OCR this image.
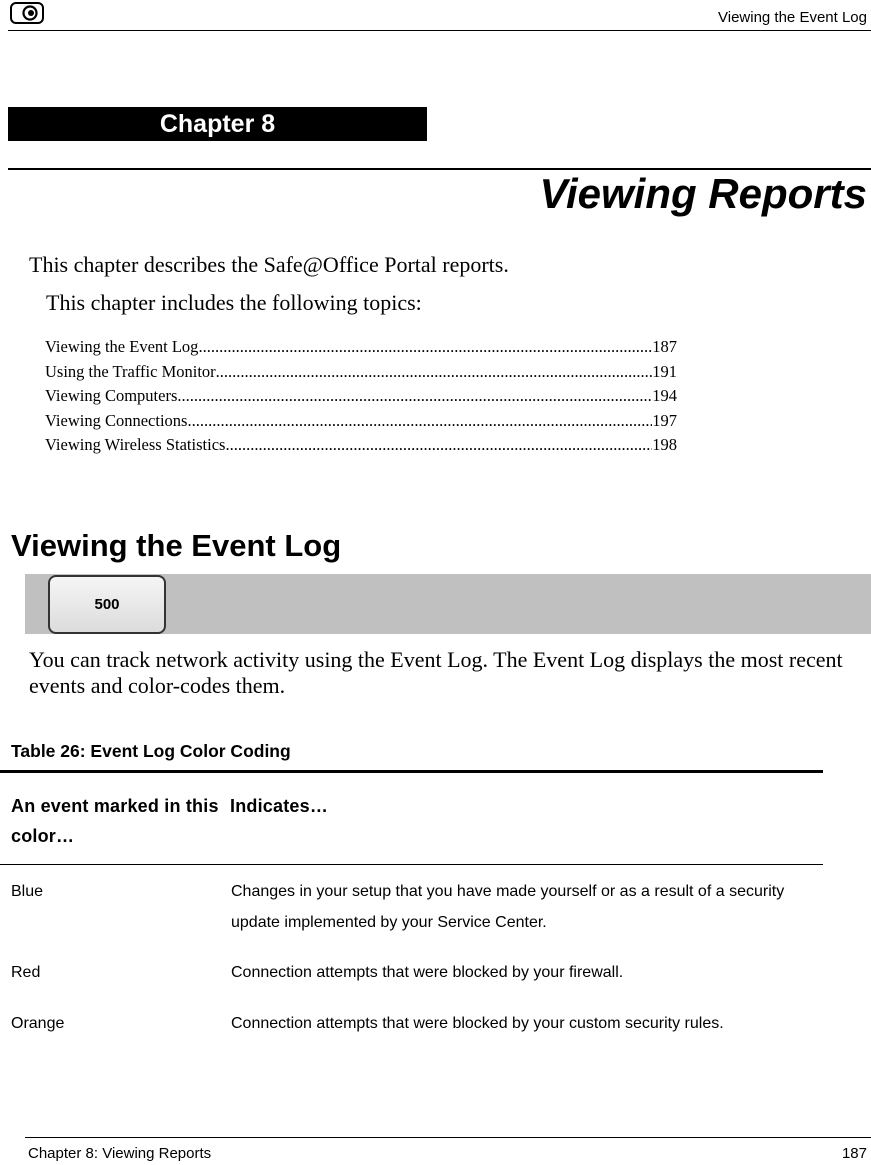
Viewing the Event Log
Chapter 8
Viewing Reports
This chapter describes the Safe@Office Portal reports.
This chapter includes the following topics:
Viewing the Event Log .....	187
Using the Traffic Monitor .....	191
Viewing Computers .....	194
Viewing Connections .....	197
Viewing Wireless Statistics .....	198
Viewing the Event Log
500
You can track network activity using the Event Log. The Event Log displays the most recent events and color-codes them.
Table 26: Event Log Color Coding
An event marked in this color…
Indicates…
Blue	Changes in your setup that you have made yourself or as a result of a security update implemented by your Service Center.
Red	Connection attempts that were blocked by your firewall.
Orange	Connection attempts that were blocked by your custom security rules.
Chapter 8: Viewing Reports	187
